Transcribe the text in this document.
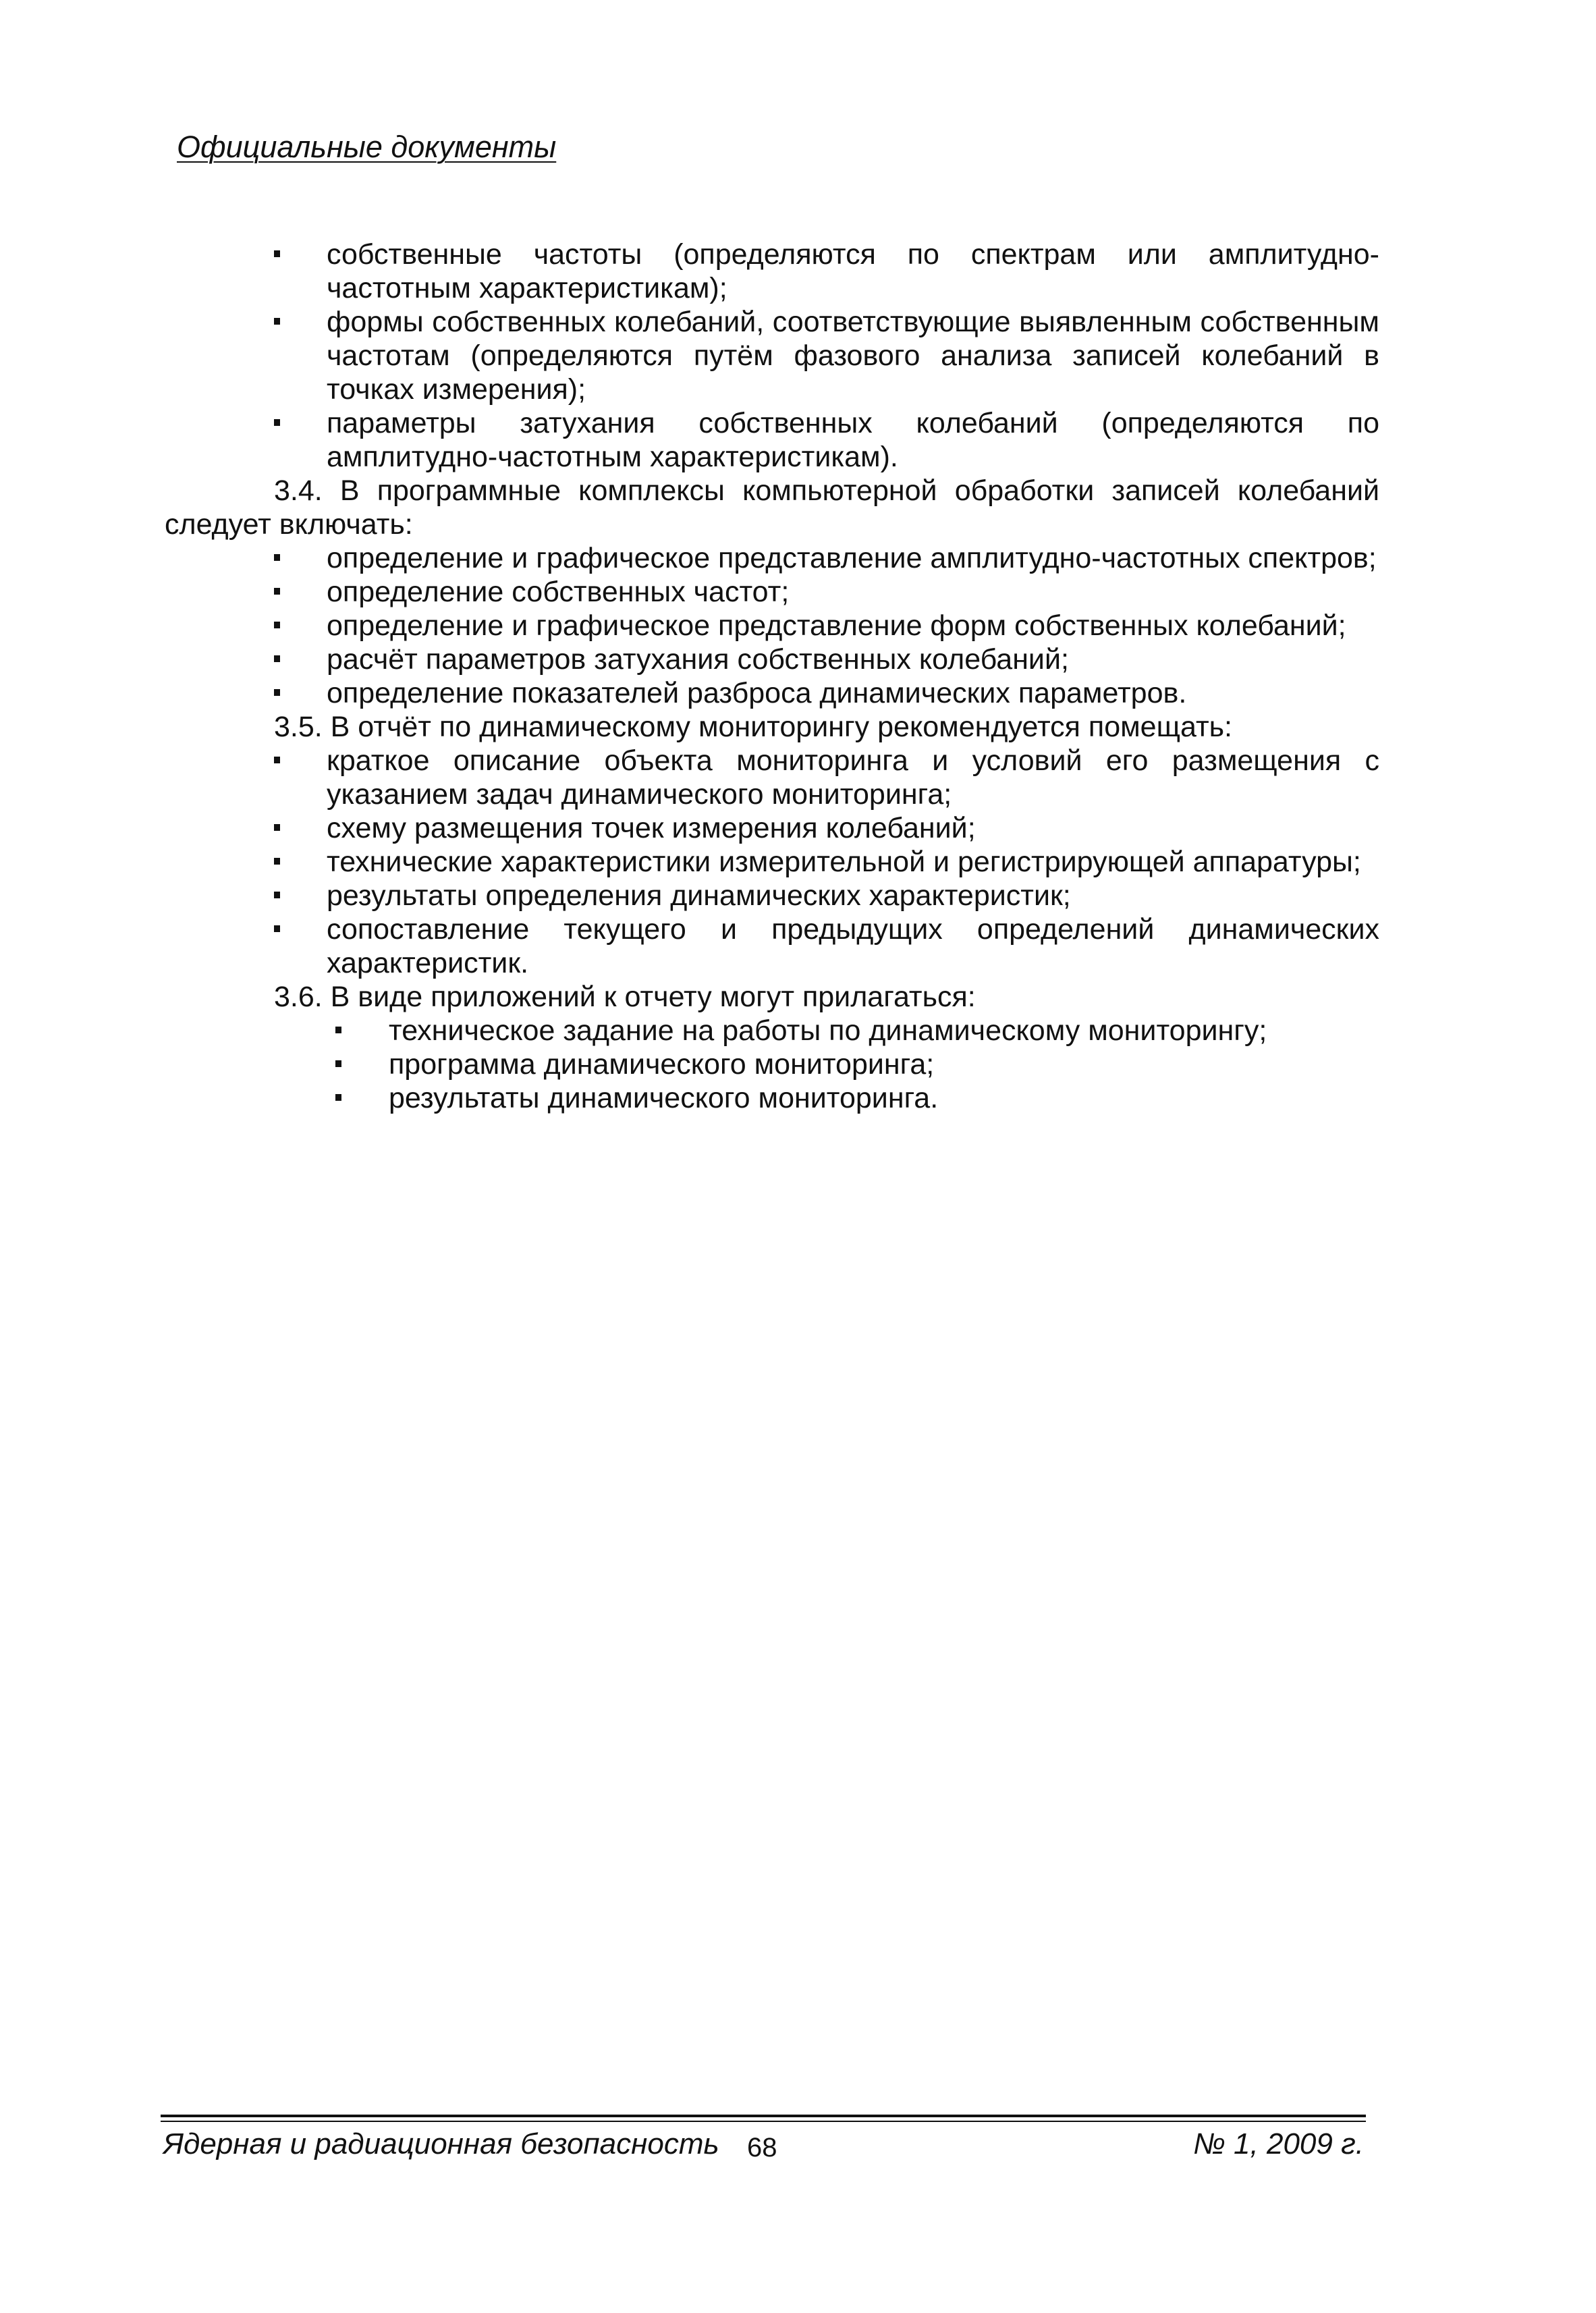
Официальные документы
собственные частоты (определяются по спектрам или амплитудно-частотным характеристикам);
формы собственных колебаний, соответствующие выявленным собственным частотам (определяются путём фазового анализа записей колебаний в точках измерения);
параметры затухания собственных колебаний (определяются по амплитудно-частотным характеристикам).
3.4. В программные комплексы компьютерной обработки записей колебаний следует включать:
определение и графическое представление амплитудно-частотных спектров;
определение собственных частот;
определение и графическое представление форм собственных колебаний;
расчёт параметров затухания собственных колебаний;
определение показателей разброса динамических параметров.
3.5. В отчёт по динамическому мониторингу рекомендуется помещать:
краткое описание объекта мониторинга и условий его размещения с указанием задач динамического мониторинга;
схему размещения точек измерения колебаний;
технические характеристики измерительной и регистрирующей аппаратуры;
результаты определения динамических характеристик;
сопоставление текущего и предыдущих определений динамических характеристик.
3.6. В виде приложений к отчету могут прилагаться:
техническое задание на работы по динамическому мониторингу;
программа динамического мониторинга;
результаты динамического мониторинга.
Ядерная и радиационная безопасность 68	№ 1, 2009 г.
